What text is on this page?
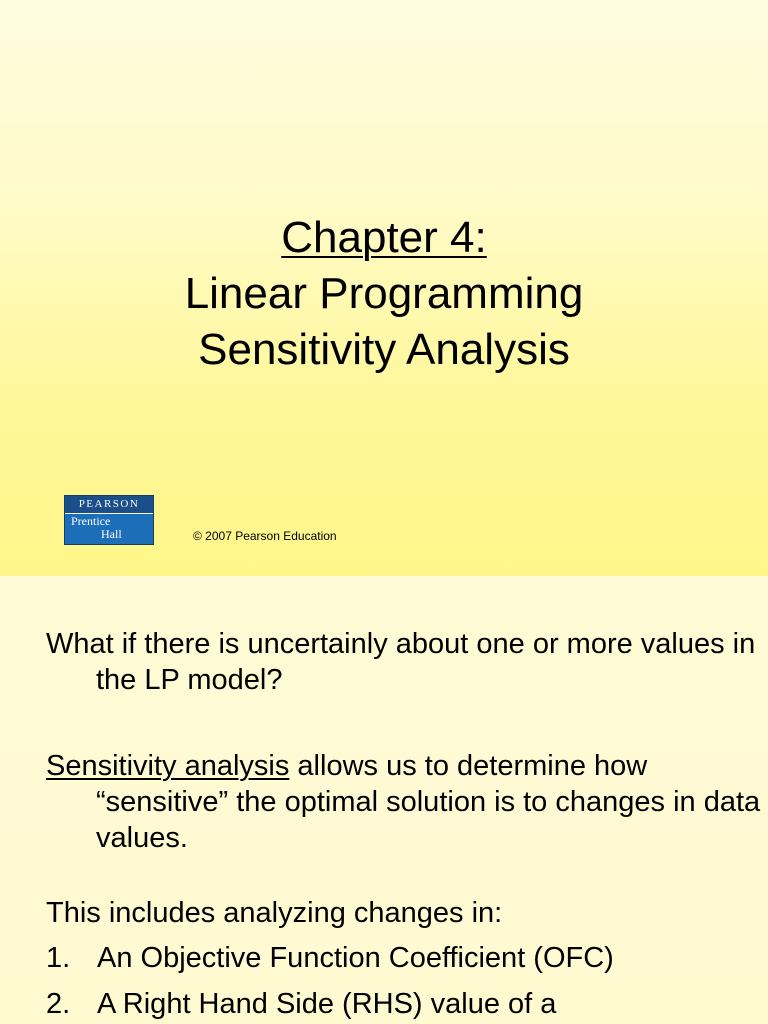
Chapter 4:
Linear Programming
Sensitivity Analysis
PEARSON
Prentice
Hall	© 2007 Pearson Education

What if there is uncertainly about one or more values in the LP model?

Sensitivity analysis allows us to determine how “sensitive” the optimal solution is to changes in data values.

This includes analyzing changes in:

1. An Objective Function Coefficient (OFC)
2. A Right Hand Side (RHS) value of a
